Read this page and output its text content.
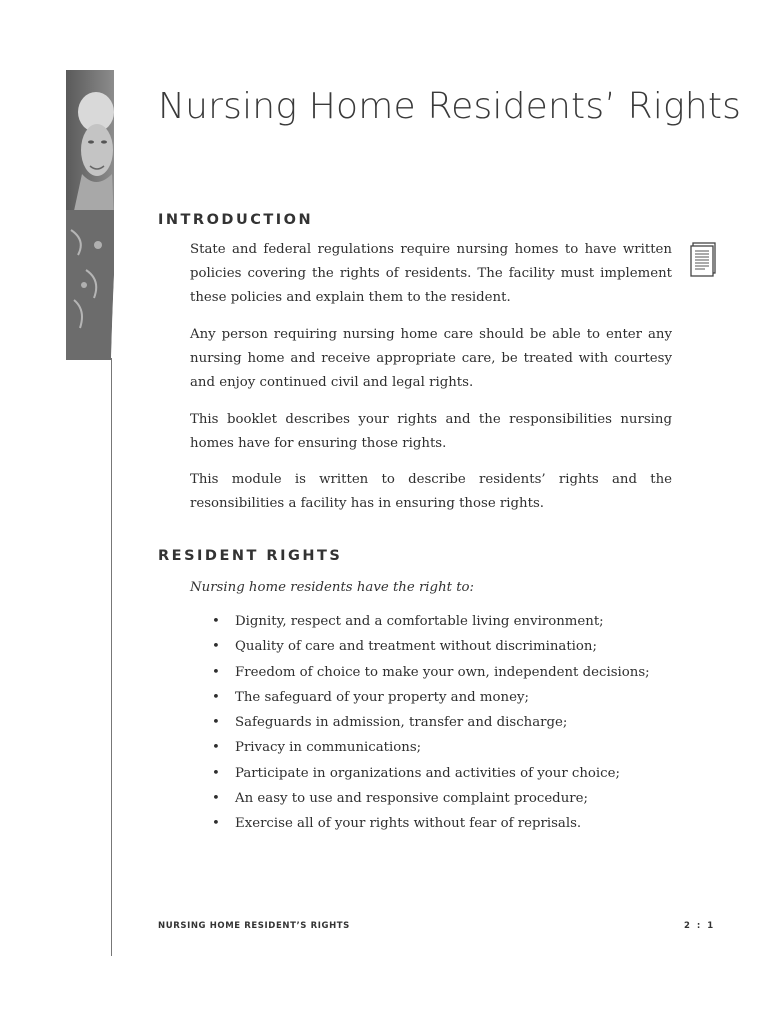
Nursing Home Residents’ Rights
INTRODUCTION
State and federal regulations require nursing homes to have written policies covering the rights of residents. The facility must implement these policies and explain them to the resident.
Any person requiring nursing home care should be able to enter any nursing home and receive appropriate care, be treated with courtesy and enjoy continued civil and legal rights.
This booklet describes your rights and the responsibilities nursing homes have for ensuring those rights.
This module is written to describe residents’ rights and the resonsibilities a facility has in ensuring those rights.
RESIDENT RIGHTS
Nursing home residents have the right to:
• Dignity, respect and a comfortable living environment;
• Quality of care and treatment without discrimination;
• Freedom of choice to make your own, independent decisions;
• The safeguard of your property and money;
• Safeguards in admission, transfer and discharge;
• Privacy in communications;
• Participate in organizations and activities of your choice;
• An easy to use and responsive complaint procedure;
• Exercise all of your rights without fear of reprisals.
NURSING HOME RESIDENT’S RIGHTS	2 : 1
